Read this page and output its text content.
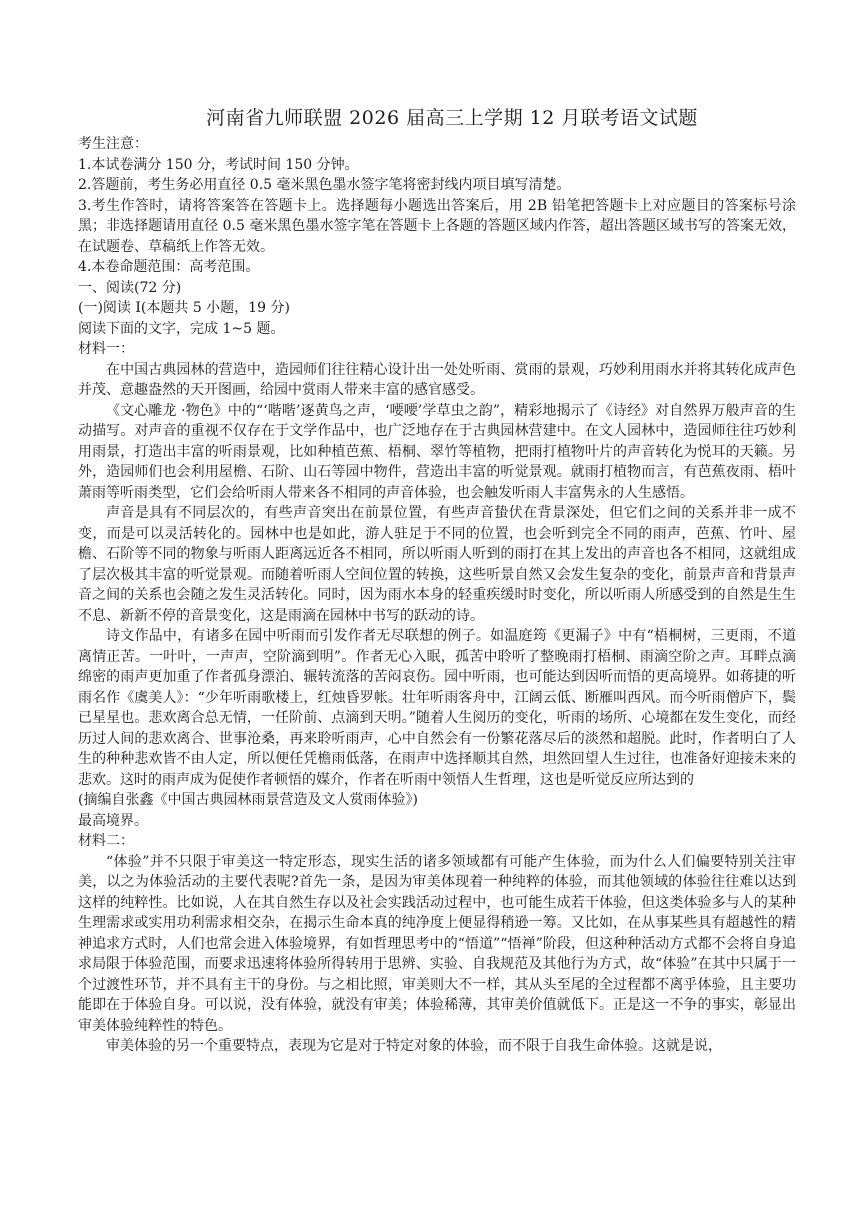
河南省九师联盟 2026 届高三上学期 12 月联考语文试题

考生注意：

1.本试卷满分 150 分，考试时间 150 分钟。

2.答题前，考生务必用直径 0.5 毫米黑色墨水签字笔将密封线内项目填写清楚。

3.考生作答时，请将答案答在答题卡上。选择题每小题选出答案后，用 2B 铅笔把答题卡上对应题目的答案标号涂黑；非选择题请用直径 0.5 毫米黑色墨水签字笔在答题卡上各题的答题区域内作答，超出答题区域书写的答案无效，在试题卷、草稿纸上作答无效。

4.本卷命题范围：高考范围。

一、阅读(72 分)

(一)阅读 I(本题共 5 小题，19 分)

阅读下面的文字，完成 1~5 题。

材料一：

在中国古典园林的营造中，造园师们往往精心设计出一处处听雨、赏雨的景观，巧妙利用雨水并将其转化成声色并茂、意趣盎然的天开图画，给园中赏雨人带来丰富的感官感受。

《文心雕龙 ·物色》中的“‘喈喈’逐黄鸟之声，‘喓喓’学草虫之韵”，精彩地揭示了《诗经》对自然界万般声音的生动描写。对声音的重视不仅存在于文学作品中，也广泛地存在于古典园林营建中。在文人园林中，造园师往往巧妙利用雨景，打造出丰富的听雨景观，比如种植芭蕉、梧桐、翠竹等植物，把雨打植物叶片的声音转化为悦耳的天籁。另外，造园师们也会利用屋檐、石阶、山石等园中物件，营造出丰富的听觉景观。就雨打植物而言，有芭蕉夜雨、梧叶萧雨等听雨类型，它们会给听雨人带来各不相同的声音体验，也会触发听雨人丰富隽永的人生感悟。

声音是具有不同层次的，有些声音突出在前景位置，有些声音蛰伏在背景深处，但它们之间的关系并非一成不变，而是可以灵活转化的。园林中也是如此，游人驻足于不同的位置，也会听到完全不同的雨声，芭蕉、竹叶、屋檐、石阶等不同的物象与听雨人距离远近各不相同，所以听雨人听到的雨打在其上发出的声音也各不相同，这就组成了层次极其丰富的听觉景观。而随着听雨人空间位置的转换，这些听景自然又会发生复杂的变化，前景声音和背景声音之间的关系也会随之发生灵活转化。同时，因为雨水本身的轻重疾缓时时变化，所以听雨人所感受到的自然是生生不息、新新不停的音景变化，这是雨滴在园林中书写的跃动的诗。

诗文作品中，有诸多在园中听雨而引发作者无尽联想的例子。如温庭筠《更漏子》中有“梧桐树，三更雨，不道离情正苦。一叶叶，一声声，空阶滴到明”。作者无心入眠，孤苦中聆听了整晚雨打梧桐、雨滴空阶之声。耳畔点滴绵密的雨声更加重了作者孤身漂泊、辗转流落的苦闷哀伤。园中听雨，也可能达到因听而悟的更高境界。如蒋捷的听雨名作《虞美人》：“少年听雨歌楼上，红烛昏罗帐。壮年听雨客舟中，江阔云低、断雁叫西风。而今听雨僧庐下，鬓已星星也。悲欢离合总无情，一任阶前、点滴到天明。”随着人生阅历的变化，听雨的场所、心境都在发生变化，而经历过人间的悲欢离合、世事沧桑，再来聆听雨声，心中自然会有一份繁花落尽后的淡然和超脱。此时，作者明白了人生的种种悲欢皆不由人定，所以便任凭檐雨低落，在雨声中选择顺其自然，坦然回望人生过往，也准备好迎接未来的悲欢。这时的雨声成为促使作者顿悟的媒介，作者在听雨中领悟人生哲理，这也是听觉反应所达到的

(摘编自张鑫《中国古典园林雨景营造及文人赏雨体验》)

最高境界。

材料二：

“体验”并不只限于审美这一特定形态，现实生活的诸多领域都有可能产生体验，而为什么人们偏要特别关注审美，以之为体验活动的主要代表呢?首先一条，是因为审美体现着一种纯粹的体验，而其他领域的体验往往难以达到这样的纯粹性。比如说，人在其自然生存以及社会实践活动过程中，也可能生成若干体验，但这类体验多与人的某种生理需求或实用功利需求相交杂，在揭示生命本真的纯净度上便显得稍逊一筹。又比如，在从事某些具有超越性的精神追求方式时，人们也常会进入体验境界，有如哲理思考中的“悟道”“悟禅”阶段，但这种种活动方式都不会将自身追求局限于体验范围，而要求迅速将体验所得转用于思辨、实验、自我规范及其他行为方式，故“体验”在其中只属于一个过渡性环节，并不具有主干的身份。与之相比照，审美则大不一样，其从头至尾的全过程都不离乎体验，且主要功能即在于体验自身。可以说，没有体验，就没有审美；体验稀薄，其审美价值就低下。正是这一不争的事实，彰显出审美体验纯粹性的特色。

审美体验的另一个重要特点，表现为它是对于特定对象的体验，而不限于自我生命体验。这就是说，
